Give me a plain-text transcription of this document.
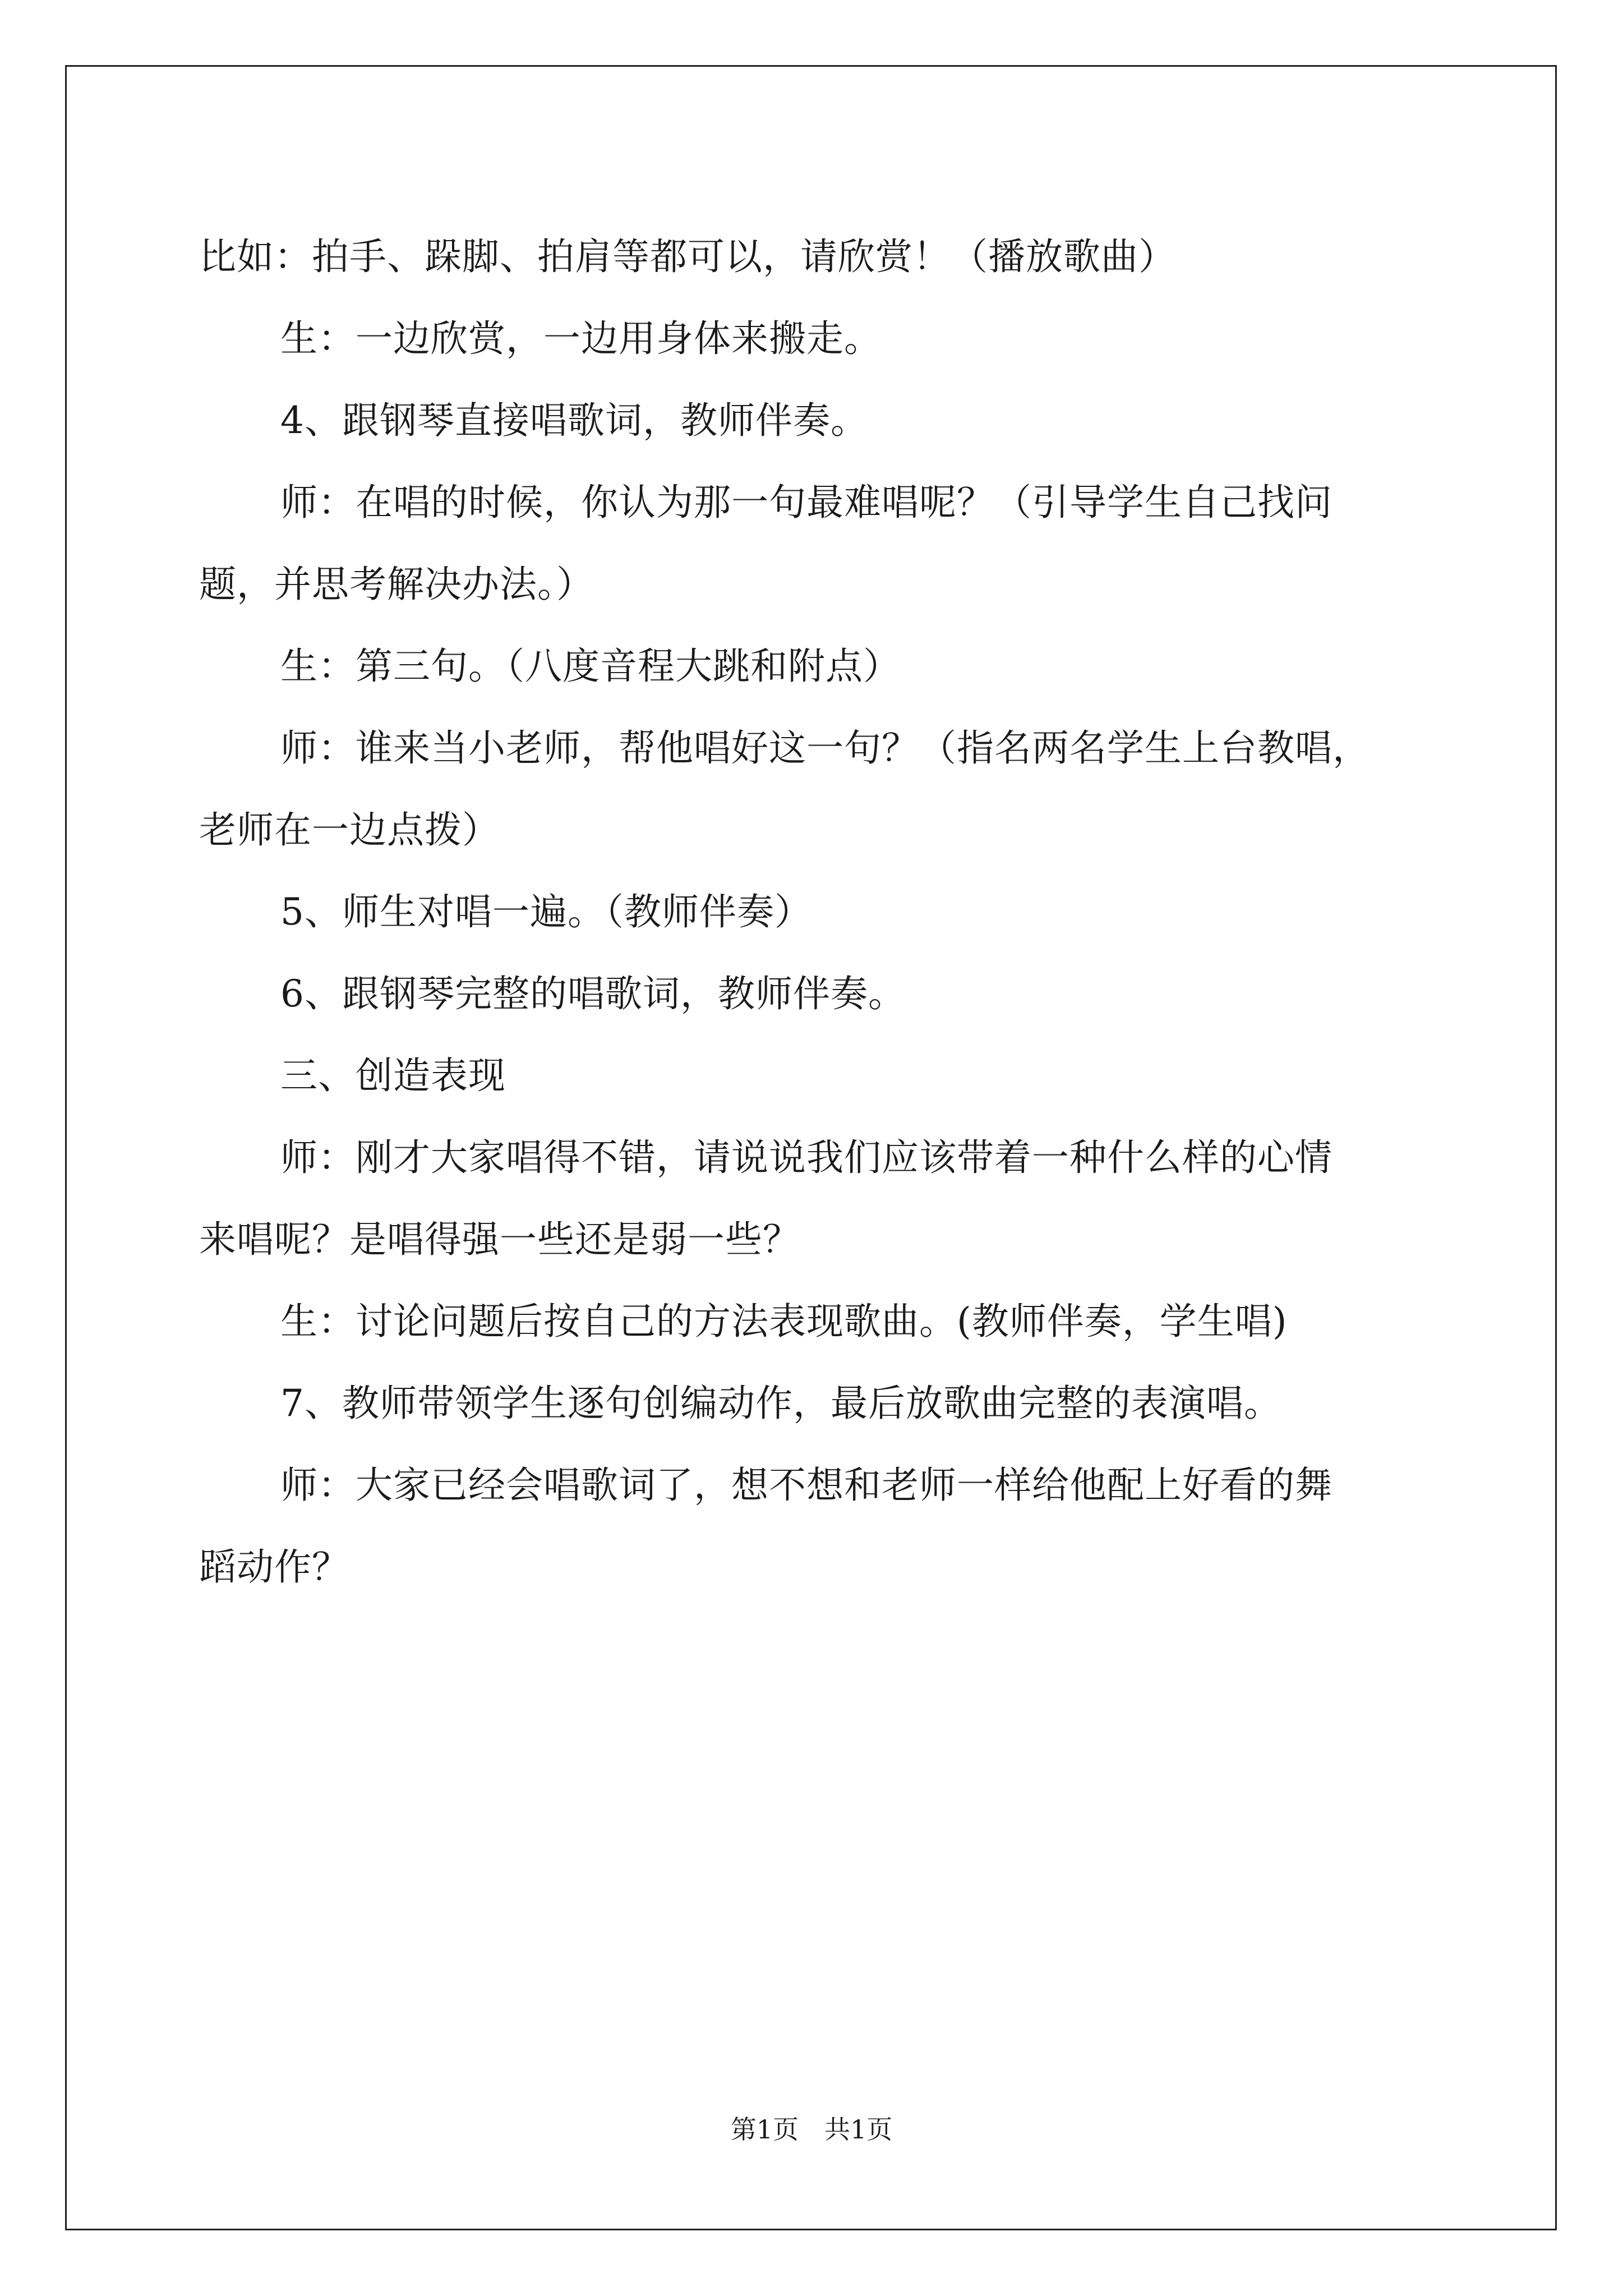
比如：拍手、跺脚、拍肩等都可以，请欣赏！（播放歌曲）

生：一边欣赏，一边用身体来搬走。

4、跟钢琴直接唱歌词，教师伴奏。

师：在唱的时候，你认为那一句最难唱呢？（引导学生自己找问

题，并思考解决办法。）

生：第三句。（八度音程大跳和附点）

师：谁来当小老师，帮他唱好这一句？（指名两名学生上台教唱，

老师在一边点拨）

5、师生对唱一遍。（教师伴奏）

6、跟钢琴完整的唱歌词，教师伴奏。

三、创造表现

师：刚才大家唱得不错，请说说我们应该带着一种什么样的心情

来唱呢？是唱得强一些还是弱一些？

生：讨论问题后按自己的方法表现歌曲。(教师伴奏，学生唱)

7、教师带领学生逐句创编动作，最后放歌曲完整的表演唱。

师：大家已经会唱歌词了，想不想和老师一样给他配上好看的舞

蹈动作？

第1页　共1页
